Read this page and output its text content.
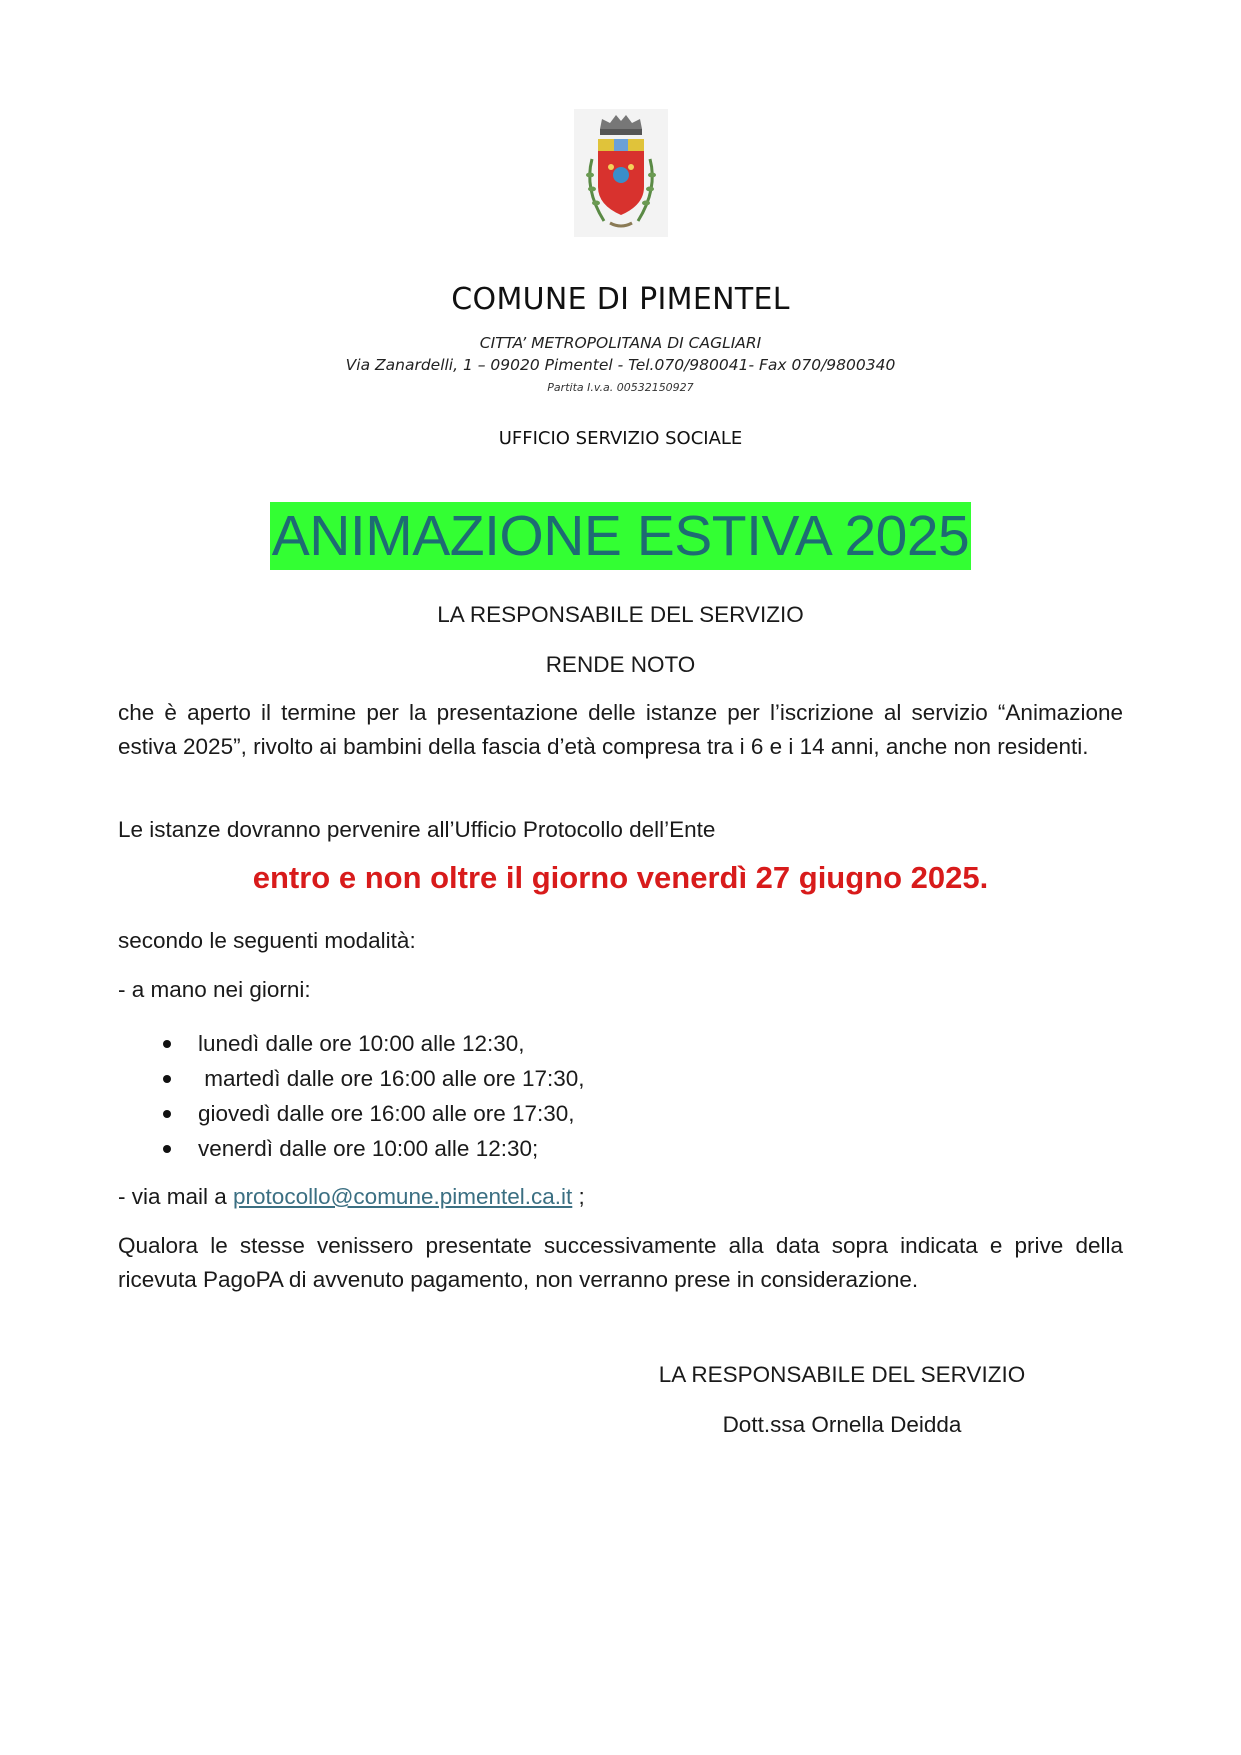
COMUNE DI PIMENTEL
CITTA’ METROPOLITANA DI CAGLIARI
Via Zanardelli, 1 – 09020 Pimentel - Tel.070/980041- Fax 070/9800340
Partita I.v.a. 00532150927
UFFICIO SERVIZIO SOCIALE
ANIMAZIONE ESTIVA 2025
LA RESPONSABILE DEL SERVIZIO
RENDE NOTO
che è aperto il termine per la presentazione delle istanze per l’iscrizione al servizio “Animazione estiva 2025”, rivolto ai bambini della fascia d’età compresa tra i 6 e i 14 anni, anche non residenti.
Le istanze dovranno pervenire all’Ufficio Protocollo dell’Ente
entro e non oltre il giorno venerdì 27 giugno 2025.
secondo le seguenti modalità:
- a mano nei giorni:
lunedì dalle ore 10:00 alle 12:30,
martedì dalle ore 16:00 alle ore 17:30,
giovedì dalle ore 16:00 alle ore 17:30,
venerdì dalle ore 10:00 alle 12:30;
- via mail a protocollo@comune.pimentel.ca.it ;
Qualora le stesse venissero presentate successivamente alla data sopra indicata e prive della ricevuta PagoPA di avvenuto pagamento, non verranno prese in considerazione.
LA RESPONSABILE DEL SERVIZIO
Dott.ssa Ornella Deidda
